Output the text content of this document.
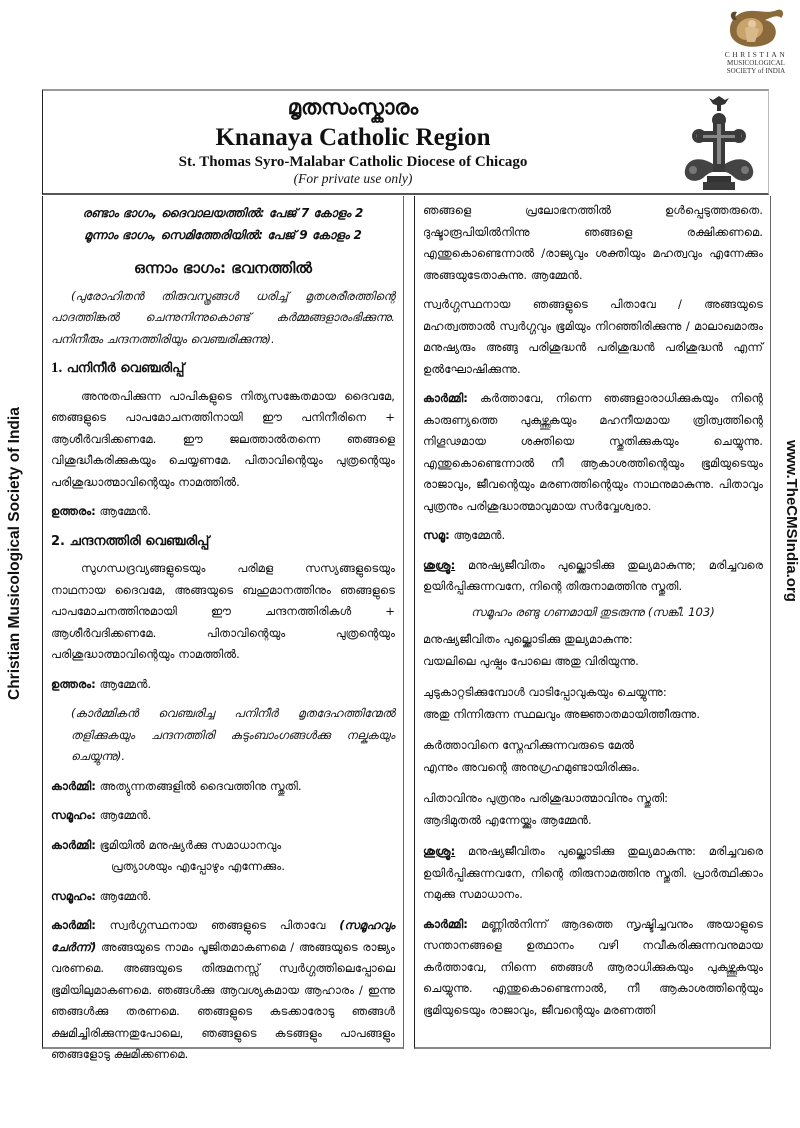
CHRISTIAN
MUSICOLOGICAL
SOCIETY of INDIA
Christian Musicological Society of India	www.TheCMSIndia.org
മൃതസംസ്കാരം
Knanaya Catholic Region
St. Thomas Syro-Malabar Catholic Diocese of Chicago
(For private use only)
രണ്ടാം ഭാഗം, ദൈവാലയത്തിൽ: പേജ് 7 കോളം 2
മൂന്നാം ഭാഗം, സെമിത്തേരിയിൽ: പേജ് 9 കോളം 2
ഒന്നാം ഭാഗം: ഭവനത്തിൽ

(പുരോഹിതൻ തിരുവസ്ത്രങ്ങൾ ധരിച്ച് മൃതശരീരത്തിന്റെ പാദത്തിങ്കൽ ചെന്നുനിന്നുകൊണ്ട് കർമ്മങ്ങളാരംഭിക്കുന്നു. പനിനീരും ചന്ദനത്തിരിയും വെഞ്ചരിക്കുന്നു).

1. പനിനീർ വെഞ്ചരിപ്പ്

അനുതപിക്കുന്ന പാപികളുടെ നിത്യസങ്കേതമായ ദൈവമേ, ഞങ്ങളുടെ പാപമോചനത്തിനായി ഈ പനിനീരിനെ + ആശീർവദിക്കണമേ. ഈ ജലത്താൽതന്നെ ഞങ്ങളെ വിശുദ്ധീകരിക്കുകയും ചെയ്യണമേ. പിതാവിന്റെയും പുത്രന്റെയും പരിശുദ്ധാത്മാവിന്റെയും നാമത്തിൽ.

ഉത്തരം: ആമ്മേൻ.

2. ചന്ദനത്തിരി വെഞ്ചരിപ്പ്

സുഗന്ധദ്രവ്യങ്ങളുടെയും പരിമള സസ്യങ്ങളുടെയും നാഥനായ ദൈവമേ, അങ്ങയുടെ ബഹുമാനത്തിനും ഞങ്ങളുടെ പാപമോചനത്തിനുമായി ഈ ചന്ദനത്തിരികൾ + ആശീർവദിക്കണമേ. പിതാവിന്റെയും പുത്രന്റെയും പരിശുദ്ധാത്മാവിന്റെയും നാമത്തിൽ.

ഉത്തരം: ആമ്മേൻ.

(കാർമ്മികൻ വെഞ്ചരിച്ച പനിനീർ മൃതദേഹത്തിന്മേൽ തളിക്കുകയും ചന്ദനത്തിരി കുടുംബാംഗങ്ങൾക്കു നല്കുകയും ചെയ്യുന്നു).

കാർമ്മി: അത്യുന്നതങ്ങളിൽ ദൈവത്തിനു സ്തുതി.

സമൂഹം: ആമ്മേൻ.

കാർമ്മി: ഭൂമിയിൽ മനുഷ്യർക്കു സമാധാനവും
പ്രത്യാശയും എപ്പോഴും എന്നേക്കും.

സമൂഹം: ആമ്മേൻ.

കാർമ്മി: സ്വർഗ്ഗസ്ഥനായ ഞങ്ങളുടെ പിതാവേ (സമൂഹവും ചേർന്ന്) അങ്ങയുടെ നാമം പൂജിതമാകണമെ / അങ്ങയുടെ രാജ്യം വരണമെ. അങ്ങയുടെ തിരുമനസ്സ് സ്വർഗ്ഗത്തിലെപ്പോലെ ഭൂമിയിലുമാകണമെ. ഞങ്ങൾക്കു ആവശ്യകമായ ആഹാരം / ഇന്നു ഞങ്ങൾക്കു തരണമെ. ഞങ്ങളുടെ കടക്കാരോടു ഞങ്ങൾ ക്ഷമിച്ചിരിക്കുന്നതുപോലെ, ഞങ്ങളുടെ കടങ്ങളും പാപങ്ങളും ഞങ്ങളോടു ക്ഷമിക്കണമെ.

ഞങ്ങളെ പ്രലോഭനത്തിൽ ഉൾപ്പെടുത്തരുതെ. ദുഷ്ടാരൂപിയിൽനിന്നു ഞങ്ങളെ രക്ഷിക്കണമെ. എന്തുകൊണ്ടെന്നാൽ /രാജ്യവും ശക്തിയും മഹത്വവും എന്നേക്കും അങ്ങയുടേതാകുന്നു. ആമ്മേൻ.

സ്വർഗ്ഗസ്ഥനായ ഞങ്ങളുടെ പിതാവേ / അങ്ങയുടെ മഹത്വത്താൽ സ്വർഗ്ഗവും ഭൂമിയും നിറഞ്ഞിരിക്കുന്നു / മാലാഖമാരും മനുഷ്യരും അങ്ങു പരിശുദ്ധൻ പരിശുദ്ധൻ പരിശുദ്ധൻ എന്ന് ഉൽഘോഷിക്കുന്നു.

കാർമ്മി: കർത്താവേ, നിന്നെ ഞങ്ങളാരാധിക്കുകയും നിന്റെ കാരുണ്യത്തെ പുകഴ്ത്തുകയും മഹനീയമായ ത്രിത്വത്തിന്റെ നിഗൂഢമായ ശക്തിയെ സ്തുതിക്കുകയും ചെയ്യുന്നു. എന്തുകൊണ്ടെന്നാൽ നീ ആകാശത്തിന്റെയും ഭൂമിയുടെയും രാജാവും, ജീവന്റെയും മരണത്തിന്റെയും നാഥനുമാകുന്നു. പിതാവും പുത്രനും പരിശുദ്ധാത്മാവുമായ സർവ്വേശ്വരാ.

സമൂ: ആമ്മേൻ.

ശുശ്രൂ: മനുഷ്യജീവിതം പുല്ക്കൊടിക്കു തുല്യമാകുന്നു; മരിച്ചവരെ ഉയിർപ്പിക്കുന്നവനേ, നിന്റെ തിരുനാമത്തിനു സ്തുതി.

സമൂഹം രണ്ടു ഗണമായി തുടരുന്നു (സങ്കീ. 103)

മനുഷ്യജീവിതം പുല്ക്കൊടിക്കു തുല്യമാകുന്നു:
വയലിലെ പുഷ്പം പോലെ അതു വിരിയുന്നു.

ചുടുകാറ്റടിക്കുമ്പോൾ വാടിപ്പോവുകയും ചെയ്യുന്നു:
അതു നിന്നിരുന്ന സ്ഥലവും അജ്ഞാതമായിത്തീരുന്നു.

കർത്താവിനെ സ്നേഹിക്കുന്നവരുടെ മേൽ
എന്നും അവന്റെ അനുഗ്രഹമുണ്ടായിരിക്കും.

പിതാവിനും പുത്രനും പരിശുദ്ധാത്മാവിനും സ്തുതി:
ആദിമുതൽ എന്നേയ്ക്കും ആമ്മേൻ.

ശുശ്രൂ: മനുഷ്യജീവിതം പുല്ക്കൊടിക്കു തുല്യമാകുന്നു: മരിച്ചവരെ ഉയിർപ്പിക്കുന്നവനേ, നിന്റെ തിരുനാമത്തിനു സ്തുതി. പ്രാർത്ഥിക്കാം നമുക്കു സമാധാനം.

കാർമ്മി: മണ്ണിൽനിന്ന് ആദത്തെ സൃഷ്ടിച്ചവനും അയാളുടെ സന്താനങ്ങളെ ഉത്ഥാനം വഴി നവീകരിക്കുന്നവനുമായ കർത്താവേ, നിന്നെ ഞങ്ങൾ ആരാധിക്കുകയും പുകഴ്ത്തുകയും ചെയ്യുന്നു. എന്തുകൊണ്ടെന്നാൽ, നീ ആകാശത്തിന്റെയും ഭൂമിയുടെയും രാജാവും, ജീവന്റെയും മരണത്തി
